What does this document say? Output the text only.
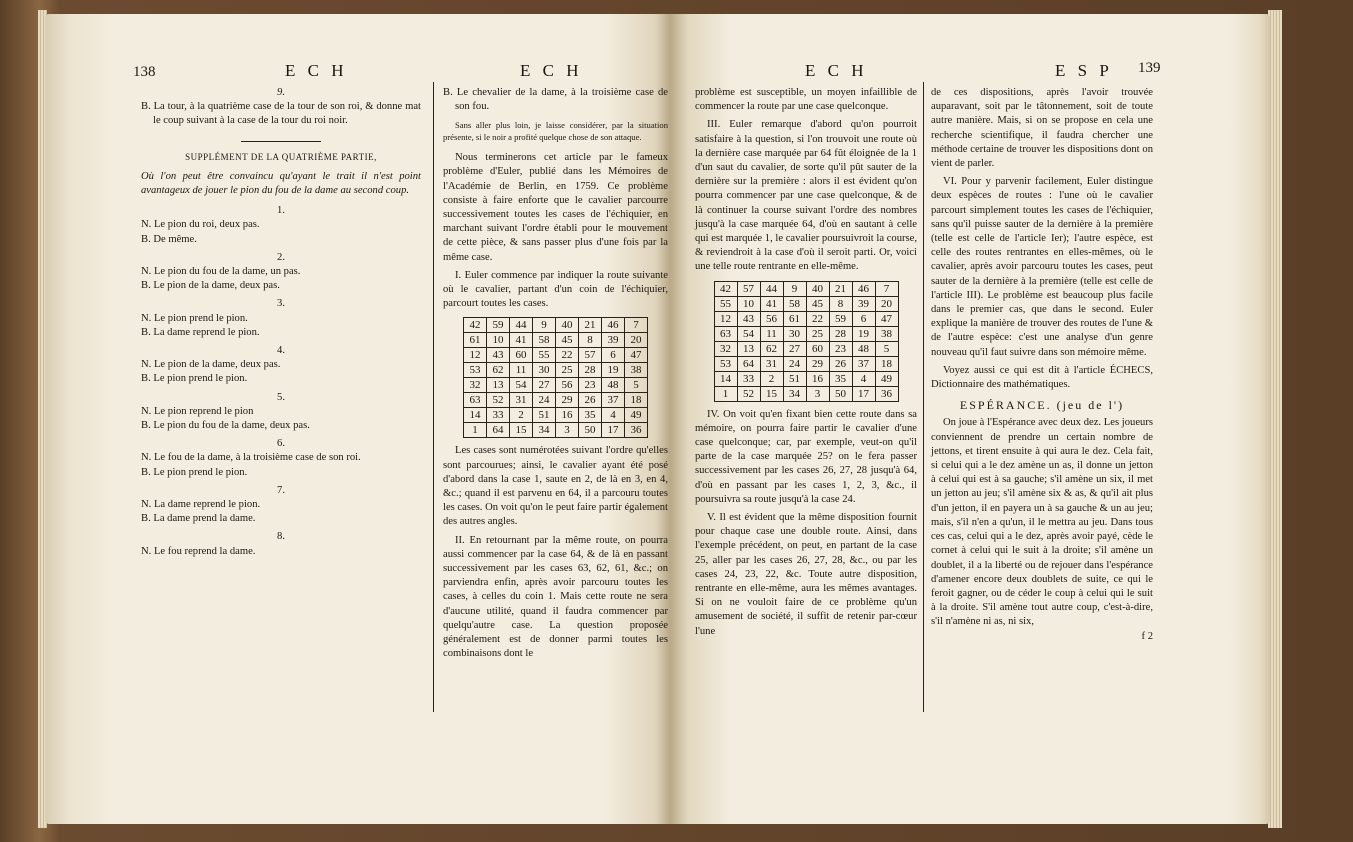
138	E C H	E C H

9.

B. La tour, à la quatrième case de la tour de son roi, & donne mat le coup suivant à la case de la tour du roi noir.

SUPPLÉMENT DE LA QUATRIÈME PARTIE,

Où l'on peut être convaincu qu'ayant le trait il n'est point avantageux de jouer le pion du fou de la dame au second coup.

1.

N. Le pion du roi, deux pas.

B. De même.

2.

N. Le pion du fou de la dame, un pas.

B. Le pion de la dame, deux pas.

3.

N. Le pion prend le pion.

B. La dame reprend le pion.

4.

N. Le pion de la dame, deux pas.

B. Le pion prend le pion.

5.

N. Le pion reprend le pion

B. Le pion du fou de la dame, deux pas.

6.

N. Le fou de la dame, à la troisième case de son roi.

B. Le pion prend le pion.

7.

N. La dame reprend le pion.

B. La dame prend la dame.

8.

N. Le fou reprend la dame.

B. Le chevalier de la dame, à la troisième case de son fou.

Sans aller plus loin, je laisse considérer, par la situation présente, si le noir a profité quelque chose de son attaque.

Nous terminerons cet article par le fameux problème d'Euler, publié dans les Mémoires de l'Académie de Berlin, en 1759. Ce problème consiste à faire enforte que le cavalier parcourre successivement toutes les cases de l'échiquier, en marchant suivant l'ordre établi pour le mouvement de cette pièce, & sans passer plus d'une fois par la même case.

I. Euler commence par indiquer la route suivante où le cavalier, partant d'un coin de l'échiquier, parcourt toutes les cases.

42	59	44	9	40	21	46	7
61	10	41	58	45	8	39	20
12	43	60	55	22	57	6	47
53	62	11	30	25	28	19	38
32	13	54	27	56	23	48	5
63	52	31	24	29	26	37	18
14	33	2	51	16	35	4	49
1	64	15	34	3	50	17	36

Les cases sont numérotées suivant l'ordre qu'elles sont parcourues; ainsi, le cavalier ayant été posé d'abord dans la case 1, saute en 2, de là en 3, en 4, &c.; quand il est parvenu en 64, il a parcouru toutes les cases. On voit qu'on le peut faire partir également des autres angles.

II. En retournant par la même route, on pourra aussi commencer par la case 64, & de là en passant successivement par les cases 63, 62, 61, &c.; on parviendra enfin, après avoir parcouru toutes les cases, à celles du coin 1. Mais cette route ne sera d'aucune utilité, quand il faudra commencer par quelqu'autre case. La question proposée généralement est de donner parmi toutes les combinaisons dont le

E C H	E S P 139

problème est susceptible, un moyen infaillible de commencer la route par une case quelconque.

III. Euler remarque d'abord qu'on pourroit satisfaire à la question, si l'on trouvoit une route où la dernière case marquée par 64 fût éloignée de la 1 d'un saut du cavalier, de sorte qu'il pût sauter de la dernière sur la première : alors il est évident qu'on pourra commencer par une case quelconque, & de là continuer la course suivant l'ordre des nombres jusqu'à la case marquée 64, d'où en sautant à celle qui est marquée 1, le cavalier poursuivroit la course, & reviendroit à la case d'où il seroit parti. Or, voici une telle route rentrante en elle-même.

42	57	44	9	40	21	46	7
55	10	41	58	45	8	39	20
12	43	56	61	22	59	6	47
63	54	11	30	25	28	19	38
32	13	62	27	60	23	48	5
53	64	31	24	29	26	37	18
14	33	2	51	16	35	4	49
1	52	15	34	3	50	17	36

IV. On voit qu'en fixant bien cette route dans sa mémoire, on pourra faire partir le cavalier d'une case quelconque; car, par exemple, veut-on qu'il parte de la case marquée 25? on le fera passer successivement par les cases 26, 27, 28 jusqu'à 64, d'où en passant par les cases 1, 2, 3, &c., il poursuivra sa route jusqu'à la case 24.

V. Il est évident que la même disposition fournit pour chaque case une double route. Ainsi, dans l'exemple précédent, on peut, en partant de la case 25, aller par les cases 26, 27, 28, &c., ou par les cases 24, 23, 22, &c. Toute autre disposition, rentrante en elle-même, aura les mêmes avantages. Si on ne vouloit faire de ce problème qu'un amusement de société, il suffit de retenir par-cœur l'une

de ces dispositions, après l'avoir trouvée auparavant, soit par le tâtonnement, soit de toute autre manière. Mais, si on se propose en cela une recherche scientifique, il faudra chercher une méthode certaine de trouver les dispositions dont on vient de parler.

VI. Pour y parvenir facilement, Euler distingue deux espèces de routes : l'une où le cavalier parcourt simplement toutes les cases de l'échiquier, sans qu'il puisse sauter de la dernière à la première (telle est celle de l'article Ier); l'autre espèce, est celle des routes rentrantes en elles-mêmes, où le cavalier, après avoir parcouru toutes les cases, peut sauter de la dernière à la première (telle est celle de l'article III). Le problème est beaucoup plus facile dans le premier cas, que dans le second. Euler explique la manière de trouver des routes de l'une & de l'autre espèce: c'est une analyse d'un genre nouveau qu'il faut suivre dans son mémoire même.

Voyez aussi ce qui est dit à l'article ÉCHECS, Dictionnaire des mathématiques.

ESPÉRANCE. (jeu de l')

On joue à l'Espérance avec deux dez. Les joueurs conviennent de prendre un certain nombre de jettons, et tirent ensuite à qui aura le dez. Cela fait, si celui qui a le dez amène un as, il donne un jetton à celui qui est à sa gauche; s'il amène un six, il met un jetton au jeu; s'il amène six & as, & qu'il ait plus d'un jetton, il en payera un à sa gauche & un au jeu; mais, s'il n'en a qu'un, il le mettra au jeu. Dans tous ces cas, celui qui a le dez, après avoir payé, cède le cornet à celui qui le suit à la droite; s'il amène un doublet, il a la liberté ou de rejouer dans l'espérance d'amener encore deux doublets de suite, ce qui le feroit gagner, ou de céder le coup à celui qui le suit à la droite. S'il amène tout autre coup, c'est-à-dire, s'il n'amène ni as, ni six,

f 2
